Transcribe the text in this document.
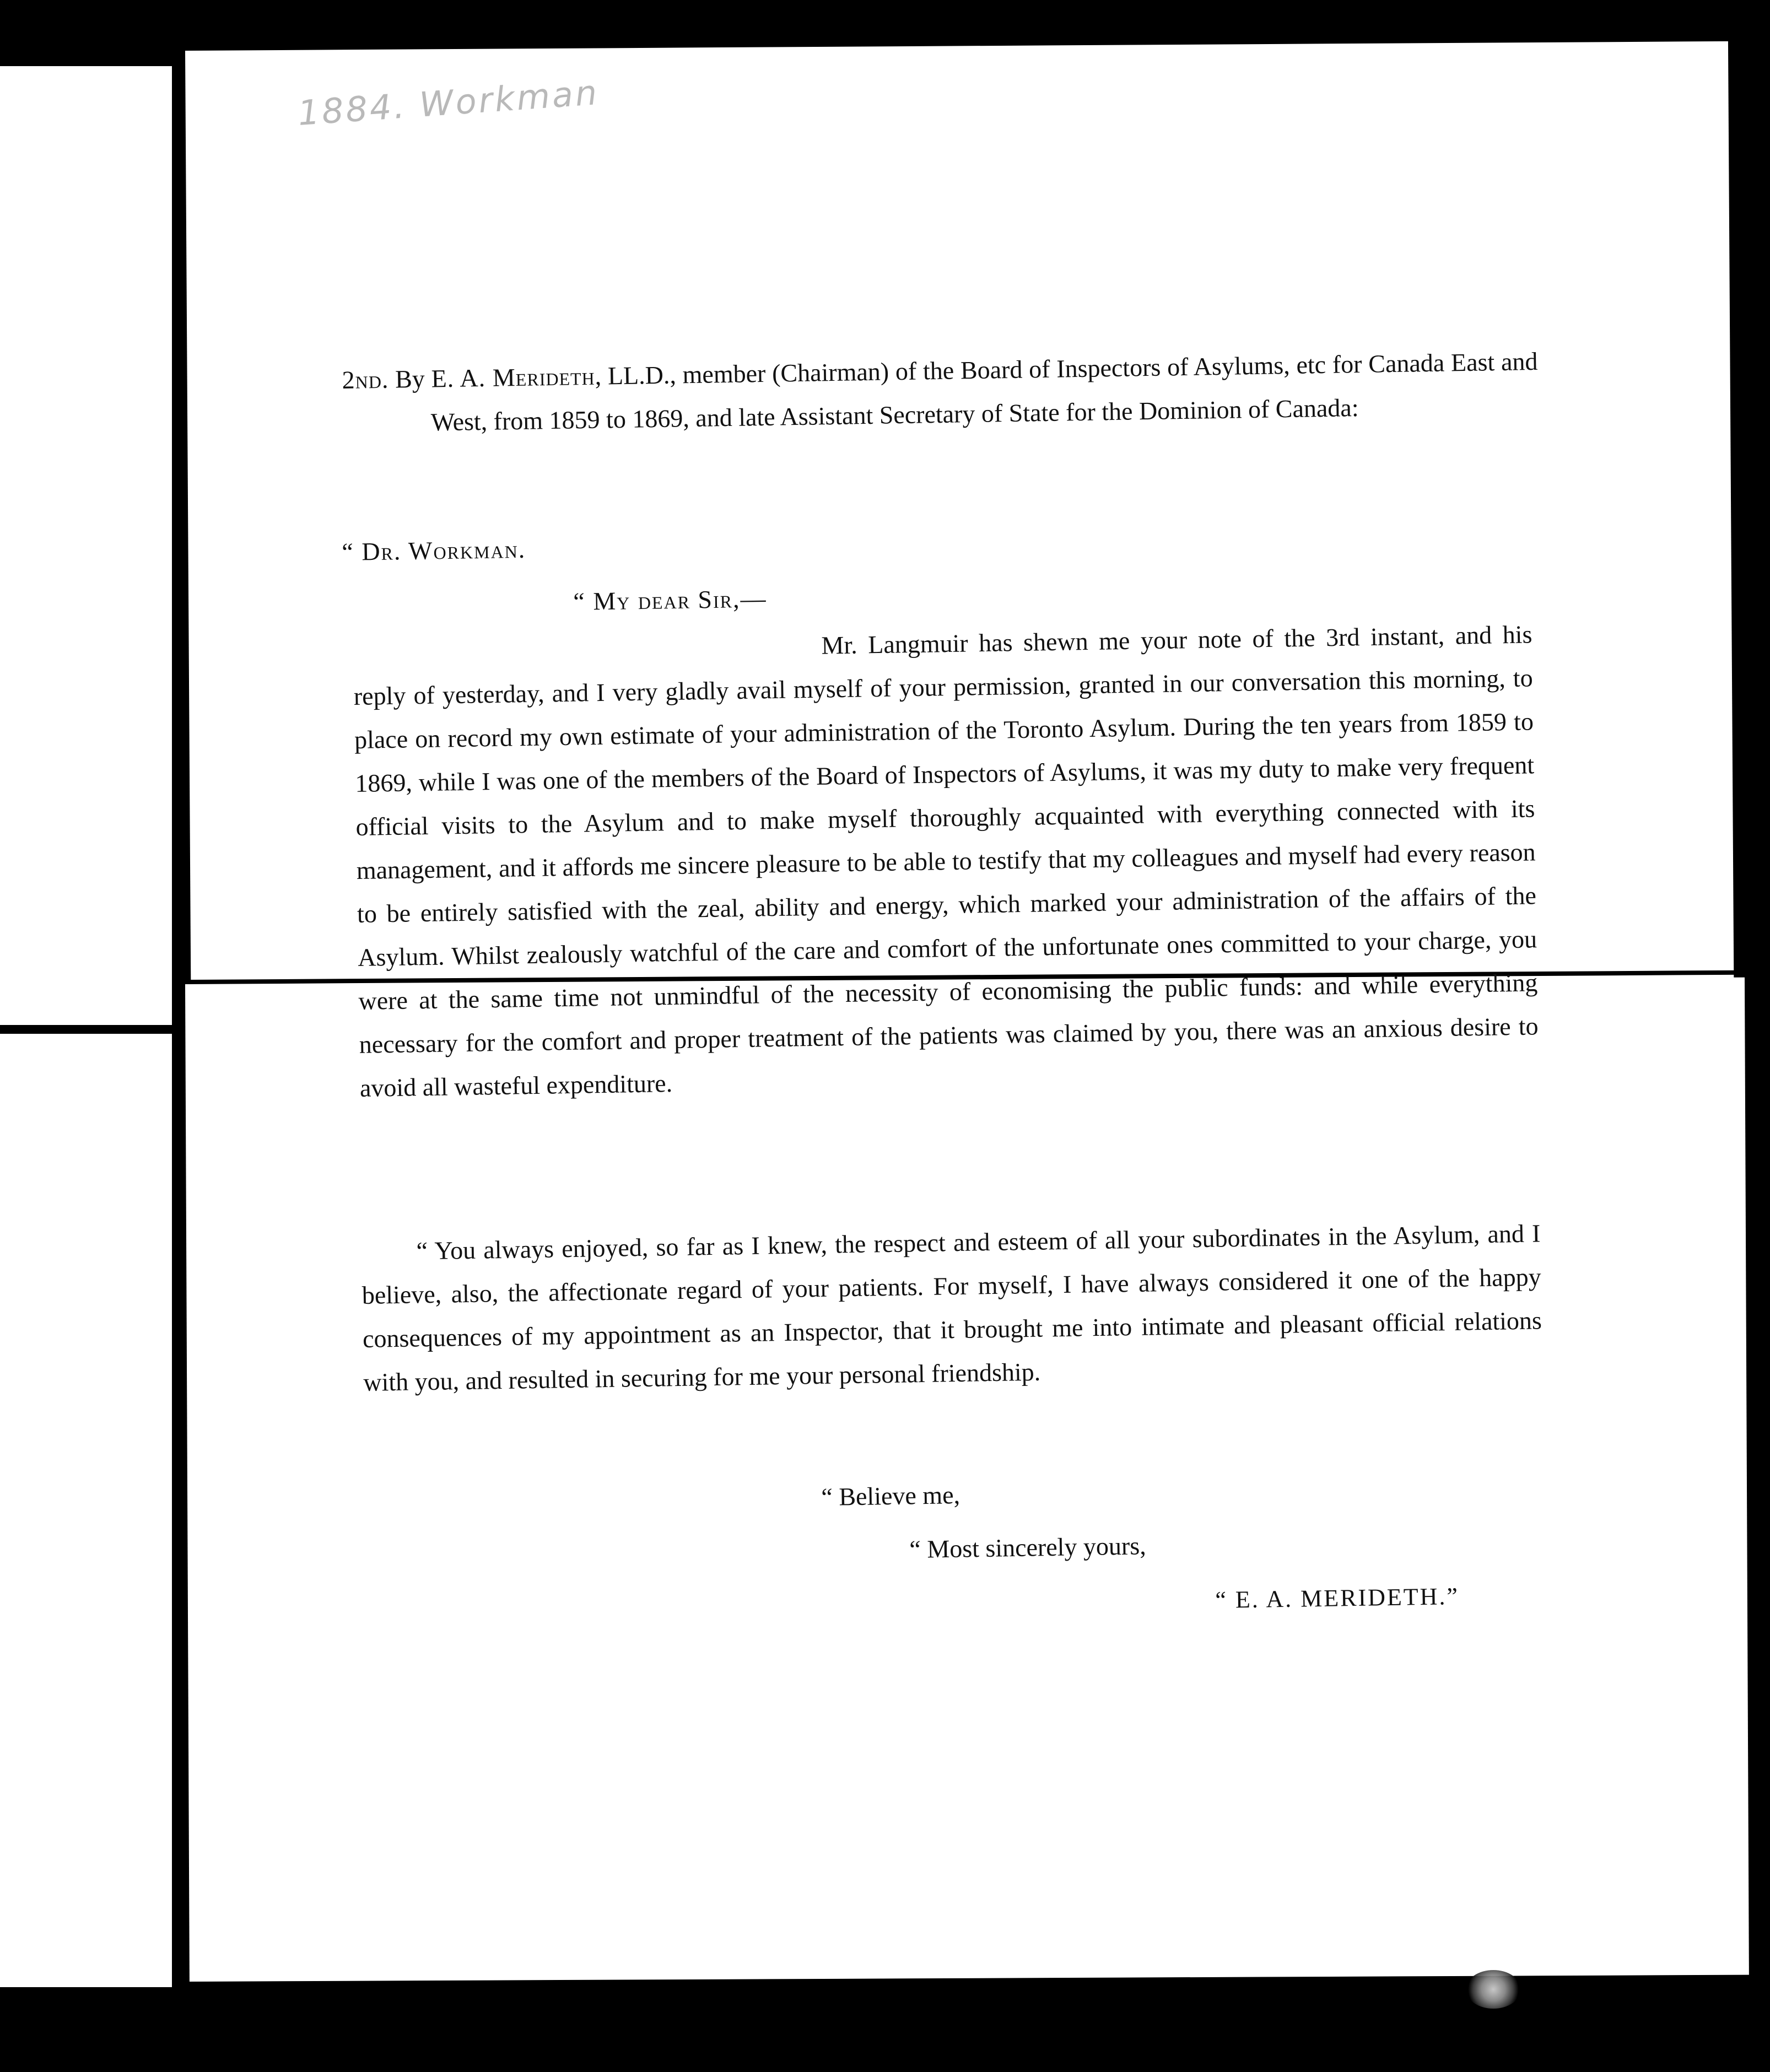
1884. Workman

2nd. By E. A. Merideth, LL.D., member (Chairman) of the Board of Inspectors of Asylums, etc for Canada East and West, from 1859 to 1869, and late Assistant Secretary of State for the Dominion of Canada:

“ Dr. Workman.
“ My dear Sir,—

Mr. Langmuir has shewn me your note of the 3rd instant, and his reply of yesterday, and I very gladly avail myself of your permission, granted in our conversation this morning, to place on record my own estimate of your administration of the Toronto Asylum. During the ten years from 1859 to 1869, while I was one of the members of the Board of Inspectors of Asylums, it was my duty to make very frequent official visits to the Asylum and to make myself thoroughly acquainted with everything connected with its management, and it affords me sincere pleasure to be able to testify that my colleagues and myself had every reason to be entirely satisfied with the zeal, ability and energy, which marked your administration of the affairs of the Asylum. Whilst zealously watchful of the care and comfort of the unfortunate ones committed to your charge, you were at the same time not unmindful of the necessity of economising the public funds: and while everything necessary for the comfort and proper treatment of the patients was claimed by you, there was an anxious desire to avoid all wasteful expenditure.

“ You always enjoyed, so far as I knew, the respect and esteem of all your subordinates in the Asylum, and I believe, also, the affectionate regard of your patients. For myself, I have always considered it one of the happy consequences of my appointment as an Inspector, that it brought me into intimate and pleasant official relations with you, and resulted in securing for me your personal friendship.

“ Believe me,
“ Most sincerely yours,
“ E. A. MERIDETH.”
